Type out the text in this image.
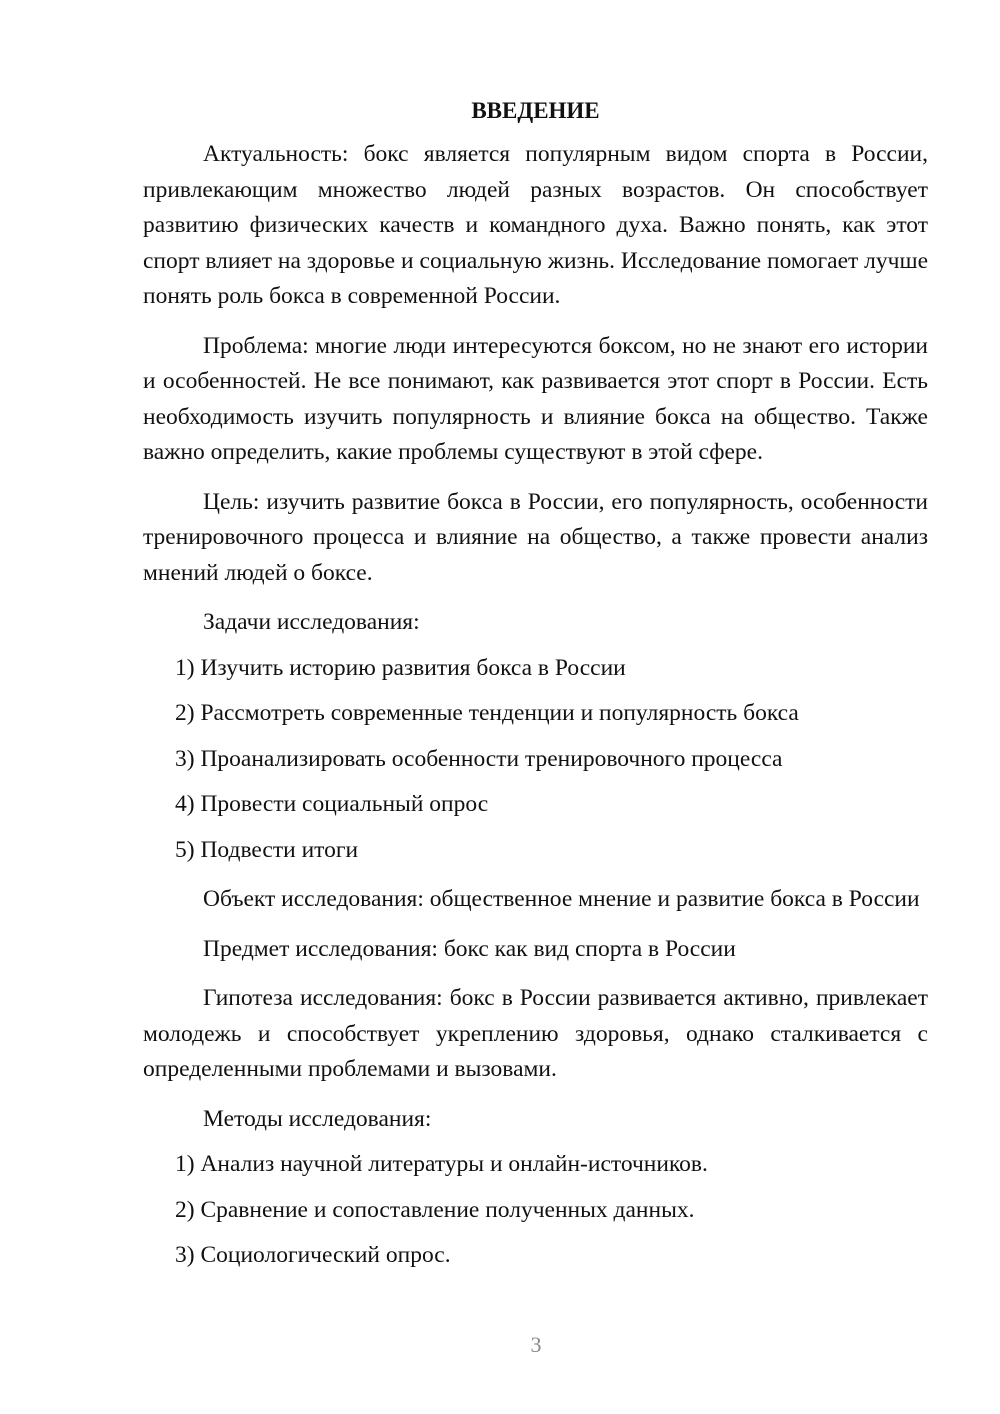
ВВЕДЕНИЕ

Актуальность: бокс является популярным видом спорта в России, привлекающим множество людей разных возрастов. Он способствует развитию физических качеств и командного духа. Важно понять, как этот спорт влияет на здоровье и социальную жизнь. Исследование помогает лучше понять роль бокса в современной России.

Проблема: многие люди интересуются боксом, но не знают его истории и особенностей. Не все понимают, как развивается этот спорт в России. Есть необходимость изучить популярность и влияние бокса на общество. Также важно определить, какие проблемы существуют в этой сфере.

Цель: изучить развитие бокса в России, его популярность, особенности тренировочного процесса и влияние на общество, а также провести анализ мнений людей о боксе.

Задачи исследования:

1) Изучить историю развития бокса в России

2) Рассмотреть современные тенденции и популярность бокса

3) Проанализировать особенности тренировочного процесса

4) Провести социальный опрос

5) Подвести итоги

Объект исследования: общественное мнение и развитие бокса в России

Предмет исследования: бокс как вид спорта в России

Гипотеза исследования: бокс в России развивается активно, привлекает молодежь и способствует укреплению здоровья, однако сталкивается с определенными проблемами и вызовами.

Методы исследования:

1) Анализ научной литературы и онлайн-источников.

2) Сравнение и сопоставление полученных данных.

3) Социологический опрос.

3
